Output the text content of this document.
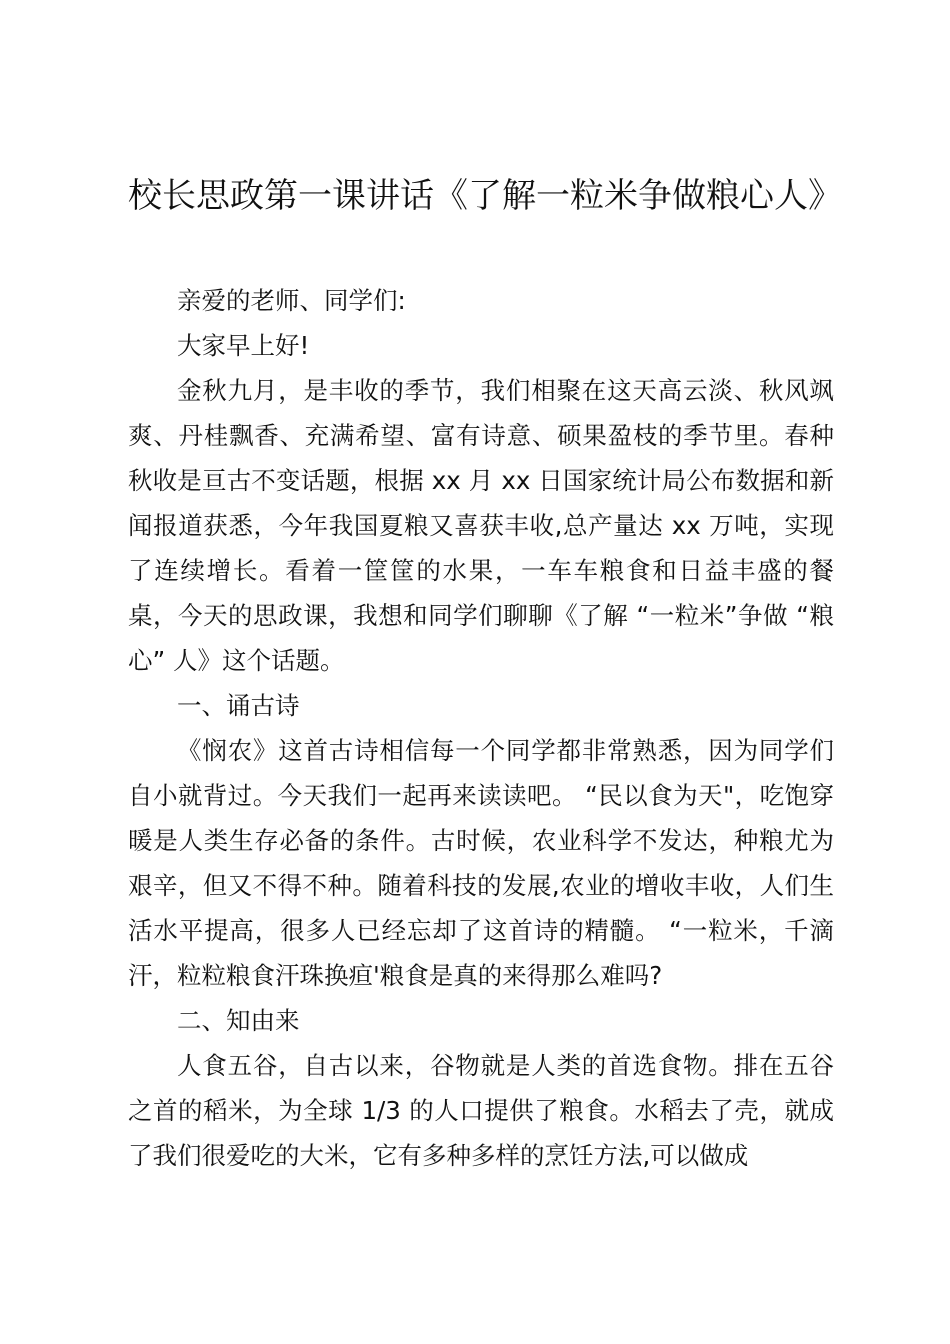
校长思政第一课讲话《了解一粒米争做粮心人》

亲爱的老师、同学们:

大家早上好!

金秋九月，是丰收的季节，我们相聚在这天高云淡、秋风飒爽、丹桂飘香、充满希望、富有诗意、硕果盈枝的季节里。春种秋收是亘古不变话题，根据 xx 月 xx 日国家统计局公布数据和新闻报道获悉，今年我国夏粮又喜获丰收,总产量达 xx 万吨，实现了连续增长。看着一筐筐的水果，一车车粮食和日益丰盛的餐桌，今天的思政课，我想和同学们聊聊《了解 “一粒米”争做 “粮心” 人》这个话题。

一、诵古诗

《悯农》这首古诗相信每一个同学都非常熟悉，因为同学们自小就背过。今天我们一起再来读读吧。 “民以食为天"，吃饱穿暖是人类生存必备的条件。古时候，农业科学不发达，种粮尤为艰辛，但又不得不种。随着科技的发展,农业的增收丰收，人们生活水平提高，很多人已经忘却了这首诗的精髓。 “一粒米，千滴汗，粒粒粮食汗珠换疸'粮食是真的来得那么难吗?

二、知由来

人食五谷，自古以来，谷物就是人类的首选食物。排在五谷之首的稻米，为全球 1/3 的人口提供了粮食。水稻去了壳，就成了我们很爱吃的大米，它有多种多样的烹饪方法,可以做成
